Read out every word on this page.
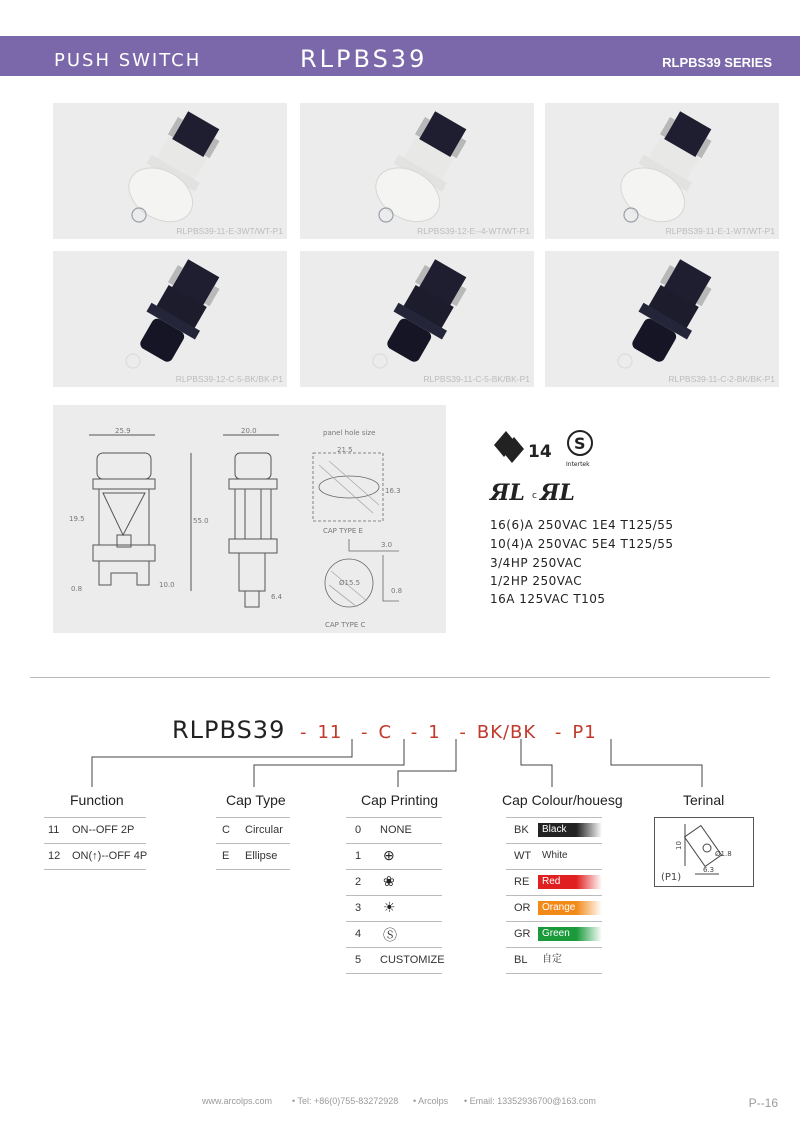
PUSH SWITCH	RLPBS39	RLPBS39 SERIES
RLPBS39-11-E-3WT/WT-P1	RLPBS39-12-E--4-WT/WT-P1	RLPBS39-11-E-1-WT/WT-P1
RLPBS39-12-C-5-BK/BK-P1	RLPBS39-11-C-5-BK/BK-P1	RLPBS39-11-C-2-BK/BK-P1
25.9
55.0
19.5
0.8	10.0
20.0
6.4
panel hole size
21.5
16.3
CAP TYPE E
3.0
Ø15.5
0.8
CAP TYPE C
14 S
Intertek
ЯL c ЯL
16(6)A 250VAC 1E4 T125/55
10(4)A 250VAC 5E4 T125/55
3/4HP 250VAC
1/2HP 250VAC
16A 125VAC T105
RLPBS39 - 11 - C - 1 - BK/BK - P1
Function	Cap Type	Cap Printing	Cap Colour/houesg	Terinal
11 ON--OFF 2P
12 ON(↑)--OFF 4P
C Circular
E Ellipse
0 NONE
1 ⊕
2 ❀
3 ☀
4 Ⓢ
5 CUSTOMIZE
BK	Black
WT	White
RE	Red
OR	Orange
GR	Green
BL	自定
10
Ø1.8
6.3
(P1)
www.arcolps.com • Tel: +86(0)755-83272928 • Arcolps • Email: 13352936700@163.com	P--16
